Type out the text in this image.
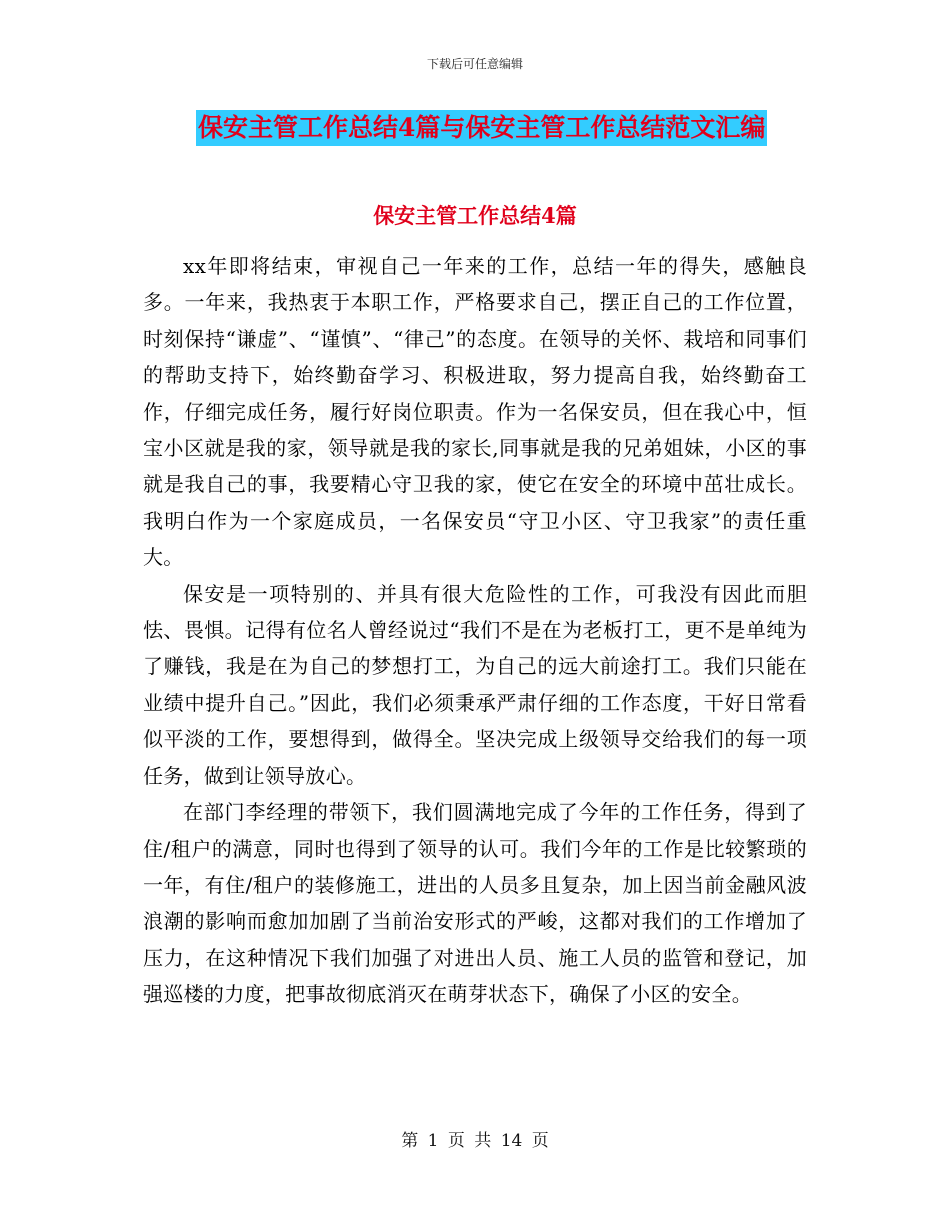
下载后可任意编辑
保安主管工作总结4篇与保安主管工作总结范文汇编
保安主管工作总结4篇

xx年即将结束，审视自己一年来的工作，总结一年的得失，感触良多。一年来，我热衷于本职工作，严格要求自己，摆正自己的工作位置，时刻保持“谦虚”、“谨慎”、“律己”的态度。在领导的关怀、栽培和同事们的帮助支持下，始终勤奋学习、积极进取，努力提高自我，始终勤奋工作，仔细完成任务，履行好岗位职责。作为一名保安员，但在我心中，恒宝小区就是我的家，领导就是我的家长,同事就是我的兄弟姐妹，小区的事就是我自己的事，我要精心守卫我的家，使它在安全的环境中茁壮成长。我明白作为一个家庭成员，一名保安员“守卫小区、守卫我家”的责任重大。

保安是一项特别的、并具有很大危险性的工作，可我没有因此而胆怯、畏惧。记得有位名人曾经说过“我们不是在为老板打工，更不是单纯为了赚钱，我是在为自己的梦想打工，为自己的远大前途打工。我们只能在业绩中提升自己。”因此，我们必须秉承严肃仔细的工作态度，干好日常看似平淡的工作，要想得到，做得全。坚决完成上级领导交给我们的每一项任务，做到让领导放心。

在部门李经理的带领下，我们圆满地完成了今年的工作任务，得到了住/租户的满意，同时也得到了领导的认可。我们今年的工作是比较繁琐的一年，有住/租户的装修施工，进出的人员多且复杂，加上因当前金融风波浪潮的影响而愈加加剧了当前治安形式的严峻，这都对我们的工作增加了压力，在这种情况下我们加强了对进出人员、施工人员的监管和登记，加强巡楼的力度，把事故彻底消灭在萌芽状态下，确保了小区的安全。

第 1 页 共 14 页
